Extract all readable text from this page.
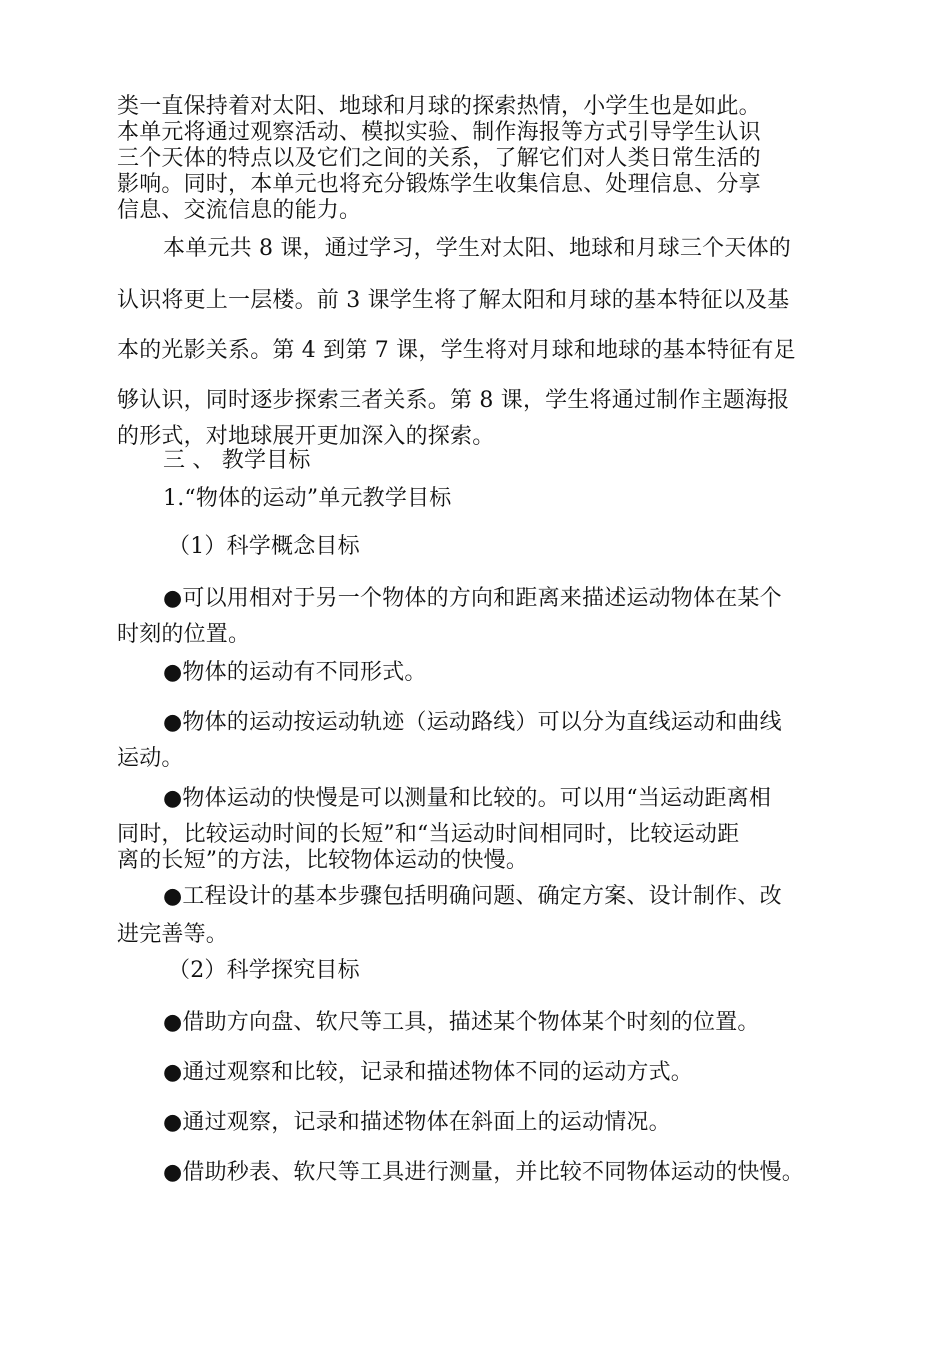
类一直保持着对太阳、地球和月球的探索热情，小学生也是如此。
本单元将通过观察活动、模拟实验、制作海报等方式引导学生认识
三个天体的特点以及它们之间的关系，了解它们对人类日常生活的
影响。同时，本单元也将充分锻炼学生收集信息、处理信息、分享
信息、交流信息的能力。
本单元共 8 课，通过学习，学生对太阳、地球和月球三个天体的
认识将更上一层楼。前 3 课学生将了解太阳和月球的基本特征以及基
本的光影关系。第 4 到第 7 课，学生将对月球和地球的基本特征有足
够认识，同时逐步探索三者关系。第 8 课，学生将通过制作主题海报
的形式，对地球展开更加深入的探索。
三 、 教学目标
1.“物体的运动”单元教学目标
（1）科学概念目标
●可以用相对于另一个物体的方向和距离来描述运动物体在某个
时刻的位置。
●物体的运动有不同形式。
●物体的运动按运动轨迹（运动路线）可以分为直线运动和曲线
运动。
●物体运动的快慢是可以测量和比较的。可以用“当运动距离相
同时，比较运动时间的长短”和“当运动时间相同时，比较运动距
离的长短”的方法，比较物体运动的快慢。
●工程设计的基本步骤包括明确问题、确定方案、设计制作、改
进完善等。
（2）科学探究目标
●借助方向盘、软尺等工具，描述某个物体某个时刻的位置。
●通过观察和比较，记录和描述物体不同的运动方式。
●通过观察，记录和描述物体在斜面上的运动情况。
●借助秒表、软尺等工具进行测量，并比较不同物体运动的快慢。
